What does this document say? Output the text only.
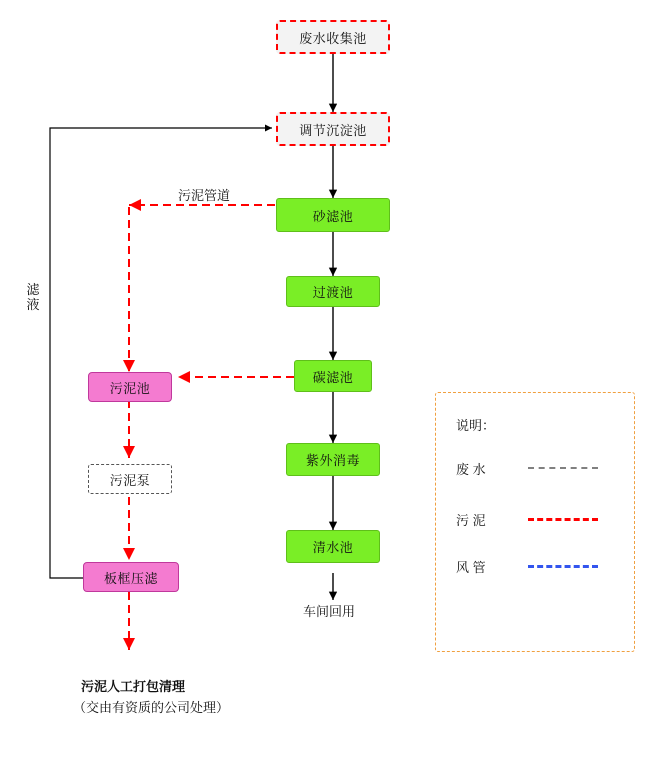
废水收集池
调节沉淀池
砂滤池
过渡池
碳滤池
紫外消毒
清水池
污泥池
污泥泵
板框压滤
污泥管道
滤液
车间回用
污泥人工打包清理
（交由有资质的公司处理）
说明：
废 水
污 泥
风 管
